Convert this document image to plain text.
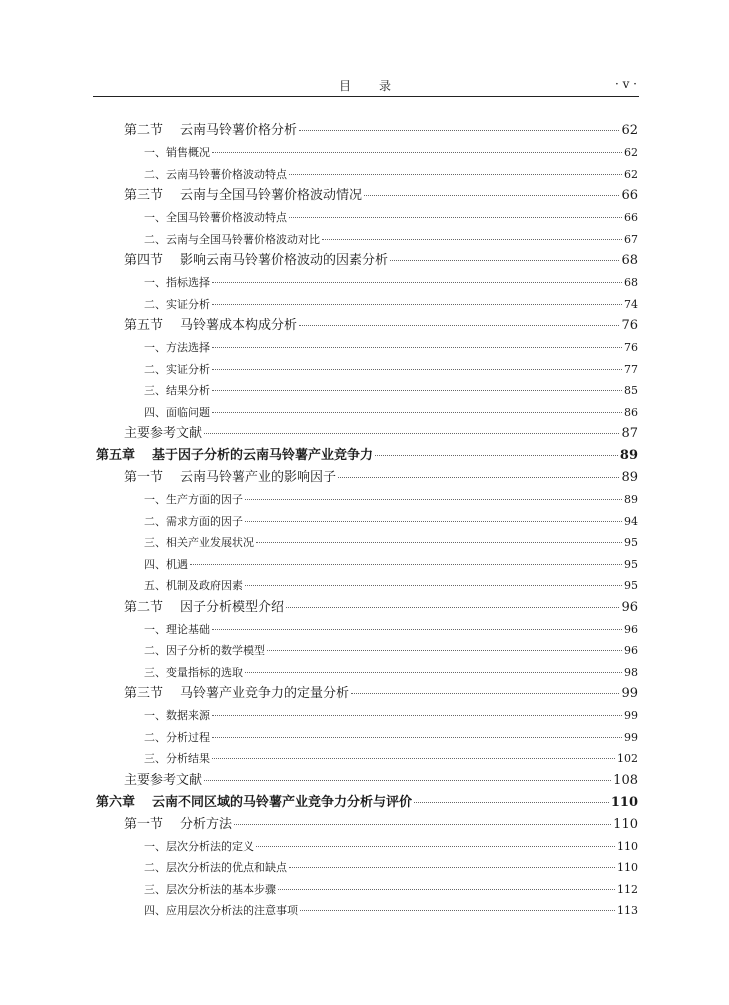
目 录	· v ·
第二节 云南马铃薯价格分析	62
一、销售概况	62
二、云南马铃薯价格波动特点	62
第三节 云南与全国马铃薯价格波动情况	66
一、全国马铃薯价格波动特点	66
二、云南与全国马铃薯价格波动对比	67
第四节 影响云南马铃薯价格波动的因素分析	68
一、指标选择	68
二、实证分析	74
第五节 马铃薯成本构成分析	76
一、方法选择	76
二、实证分析	77
三、结果分析	85
四、面临问题	86
主要参考文献	87
第五章 基于因子分析的云南马铃薯产业竞争力	89
第一节 云南马铃薯产业的影响因子	89
一、生产方面的因子	89
二、需求方面的因子	94
三、相关产业发展状况	95
四、机遇	95
五、机制及政府因素	95
第二节 因子分析模型介绍	96
一、理论基础	96
二、因子分析的数学模型	96
三、变量指标的选取	98
第三节 马铃薯产业竞争力的定量分析	99
一、数据来源	99
二、分析过程	99
三、分析结果	102
主要参考文献	108
第六章 云南不同区域的马铃薯产业竞争力分析与评价	110
第一节 分析方法	110
一、层次分析法的定义	110
二、层次分析法的优点和缺点	110
三、层次分析法的基本步骤	112
四、应用层次分析法的注意事项	113
